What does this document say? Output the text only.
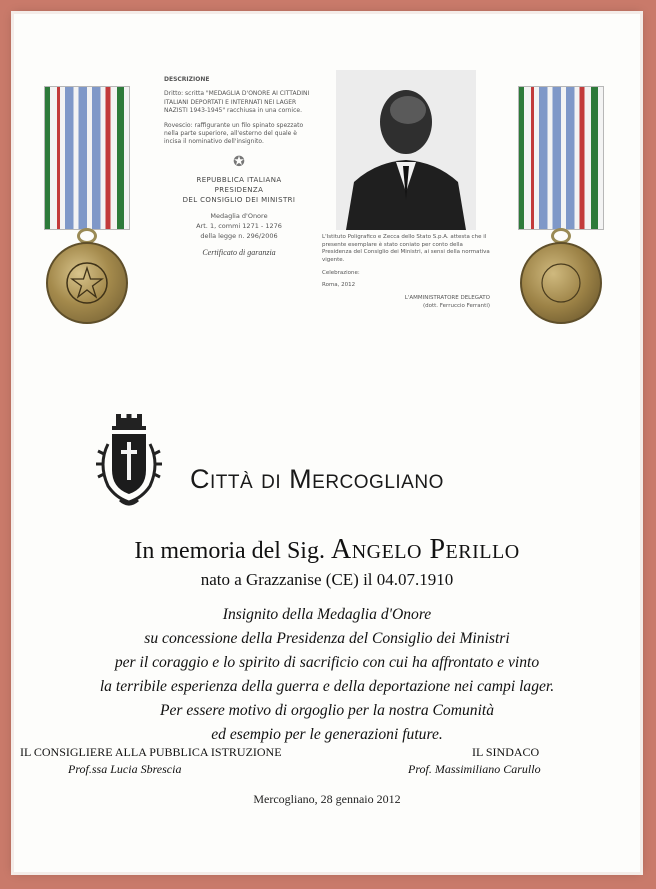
DESCRIZIONE
Dritto: scritta "MEDAGLIA D'ONORE AI CITTADINI ITALIANI DEPORTATI E INTERNATI NEI LAGER NAZISTI 1943-1945" racchiusa in una cornice.
Rovescio: raffigurante un filo spinato spezzato nella parte superiore, all'esterno del quale è incisa il nominativo dell'insignito.
✪
REPUBBLICA ITALIANA
PRESIDENZA
DEL CONSIGLIO DEI MINISTRI
Medaglia d'Onore
Art. 1, commi 1271 - 1276
della legge n. 296/2006
Certificato di garanzia
L'Istituto Poligrafico e Zecca dello Stato S.p.A. attesta che il presente esemplare è stato coniato per conto della Presidenza del Consiglio dei Ministri, ai sensi della normativa vigente.
Celebrazione:
Roma, 2012
L'AMMINISTRATORE DELEGATO
(dott. Ferruccio Ferranti)
Città di Mercogliano
In memoria del Sig. Angelo Perillo
nato a Grazzanise (CE) il 04.07.1910
Insignito della Medaglia d'Onore
su concessione della Presidenza del Consiglio dei Ministri
per il coraggio e lo spirito di sacrificio con cui ha affrontato e vinto
la terribile esperienza della guerra e della deportazione nei campi lager.
Per essere motivo di orgoglio per la nostra Comunità
ed esempio per le generazioni future.
IL CONSIGLIERE ALLA PUBBLICA ISTRUZIONE
Prof.ssa Lucia Sbrescia
IL SINDACO
Prof. Massimiliano Carullo
Mercogliano, 28 gennaio 2012
